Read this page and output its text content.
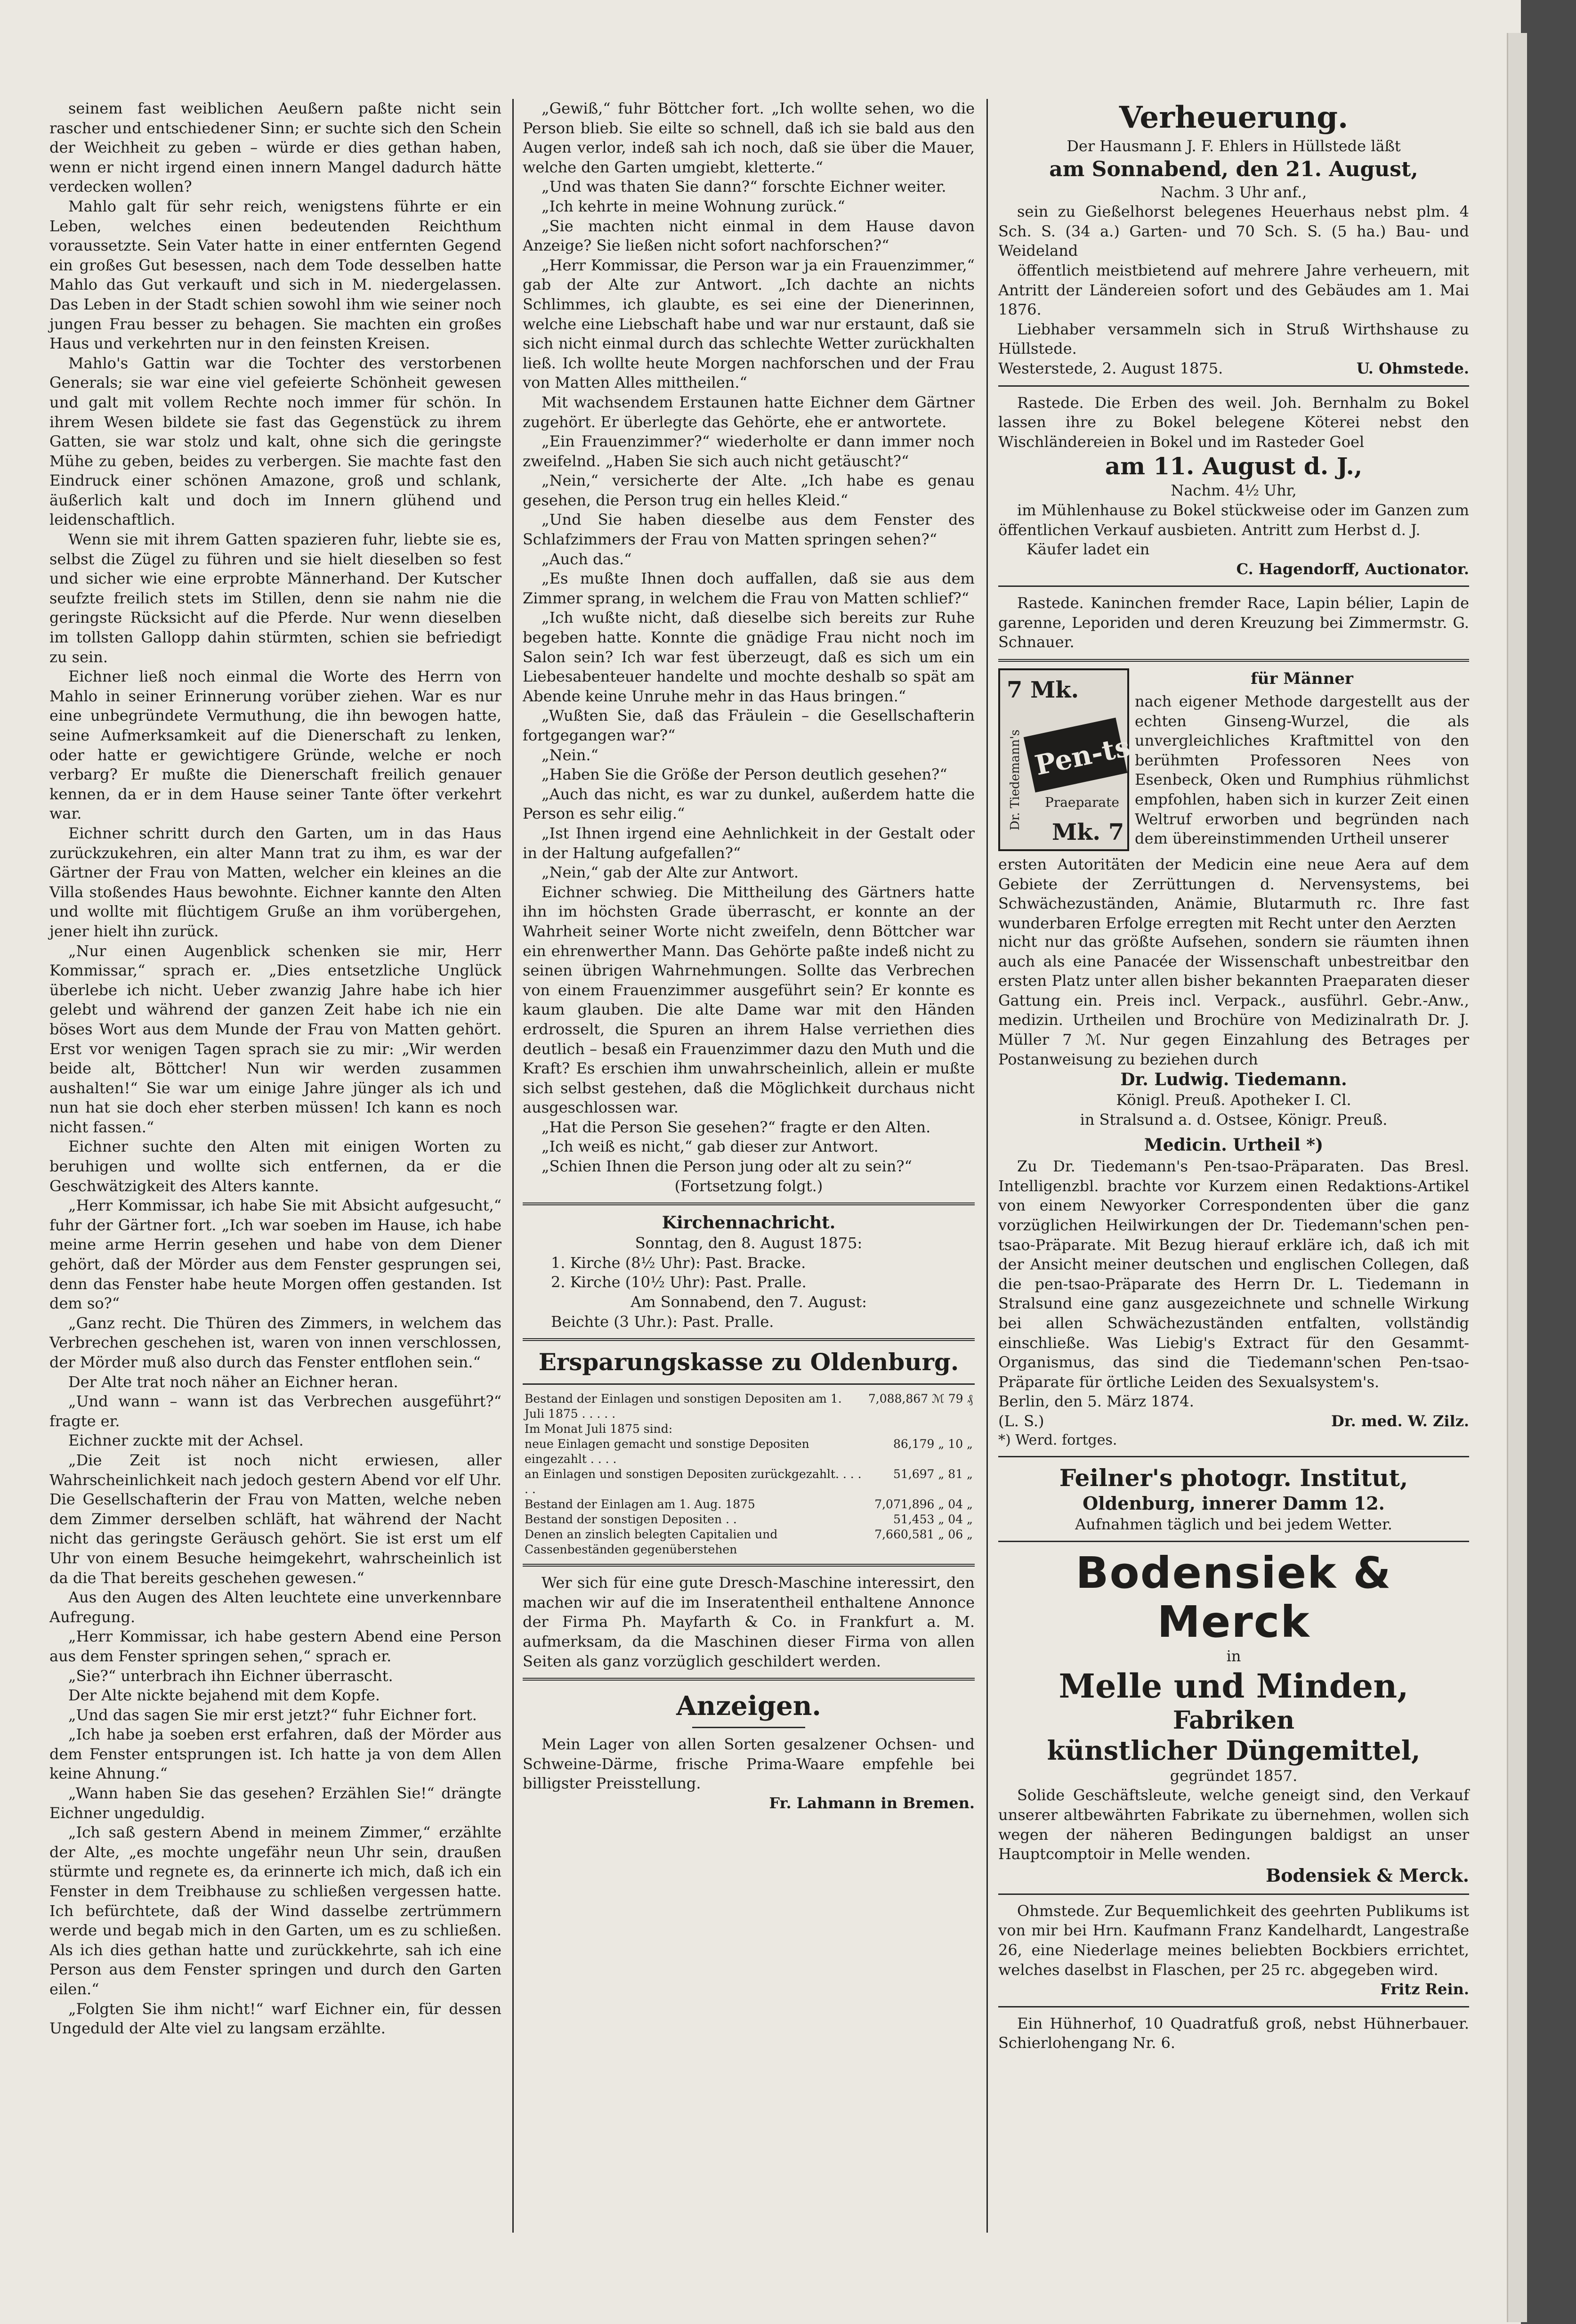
seinem fast weiblichen Aeußern paßte nicht sein rascher und entschiedener Sinn; er suchte sich den Schein der Weichheit zu geben – würde er dies gethan haben, wenn er nicht irgend einen innern Mangel dadurch hätte verdecken wollen?

Mahlo galt für sehr reich, wenigstens führte er ein Leben, welches einen bedeutenden Reichthum voraussetzte. Sein Vater hatte in einer entfernten Gegend ein großes Gut besessen, nach dem Tode desselben hatte Mahlo das Gut verkauft und sich in M. niedergelassen. Das Leben in der Stadt schien sowohl ihm wie seiner noch jungen Frau besser zu behagen. Sie machten ein großes Haus und verkehrten nur in den feinsten Kreisen.

Mahlo's Gattin war die Tochter des verstorbenen Generals; sie war eine viel gefeierte Schönheit gewesen und galt mit vollem Rechte noch immer für schön. In ihrem Wesen bildete sie fast das Gegenstück zu ihrem Gatten, sie war stolz und kalt, ohne sich die geringste Mühe zu geben, beides zu verbergen. Sie machte fast den Eindruck einer schönen Amazone, groß und schlank, äußerlich kalt und doch im Innern glühend und leidenschaftlich.

Wenn sie mit ihrem Gatten spazieren fuhr, liebte sie es, selbst die Zügel zu führen und sie hielt dieselben so fest und sicher wie eine erprobte Männerhand. Der Kutscher seufzte freilich stets im Stillen, denn sie nahm nie die geringste Rücksicht auf die Pferde. Nur wenn dieselben im tollsten Gallopp dahin stürmten, schien sie befriedigt zu sein.

Eichner ließ noch einmal die Worte des Herrn von Mahlo in seiner Erinnerung vorüber ziehen. War es nur eine unbegründete Vermuthung, die ihn bewogen hatte, seine Aufmerksamkeit auf die Dienerschaft zu lenken, oder hatte er gewichtigere Gründe, welche er noch verbarg? Er mußte die Dienerschaft freilich genauer kennen, da er in dem Hause seiner Tante öfter verkehrt war.

Eichner schritt durch den Garten, um in das Haus zurückzukehren, ein alter Mann trat zu ihm, es war der Gärtner der Frau von Matten, welcher ein kleines an die Villa stoßendes Haus bewohnte. Eichner kannte den Alten und wollte mit flüchtigem Gruße an ihm vorübergehen, jener hielt ihn zurück.

„Nur einen Augenblick schenken sie mir, Herr Kommissar,“ sprach er. „Dies entsetzliche Unglück überlebe ich nicht. Ueber zwanzig Jahre habe ich hier gelebt und während der ganzen Zeit habe ich nie ein böses Wort aus dem Munde der Frau von Matten gehört. Erst vor wenigen Tagen sprach sie zu mir: „Wir werden beide alt, Böttcher! Nun wir werden zusammen aushalten!“ Sie war um einige Jahre jünger als ich und nun hat sie doch eher sterben müssen! Ich kann es noch nicht fassen.“

Eichner suchte den Alten mit einigen Worten zu beruhigen und wollte sich entfernen, da er die Geschwätzigkeit des Alters kannte.

„Herr Kommissar, ich habe Sie mit Absicht aufgesucht,“ fuhr der Gärtner fort. „Ich war soeben im Hause, ich habe meine arme Herrin gesehen und habe von dem Diener gehört, daß der Mörder aus dem Fenster gesprungen sei, denn das Fenster habe heute Morgen offen gestanden. Ist dem so?“

„Ganz recht. Die Thüren des Zimmers, in welchem das Verbrechen geschehen ist, waren von innen verschlossen, der Mörder muß also durch das Fenster entflohen sein.“

Der Alte trat noch näher an Eichner heran.

„Und wann – wann ist das Verbrechen ausgeführt?“ fragte er.

Eichner zuckte mit der Achsel.

„Die Zeit ist noch nicht erwiesen, aller Wahrscheinlichkeit nach jedoch gestern Abend vor elf Uhr. Die Gesellschafterin der Frau von Matten, welche neben dem Zimmer derselben schläft, hat während der Nacht nicht das geringste Geräusch gehört. Sie ist erst um elf Uhr von einem Besuche heimgekehrt, wahrscheinlich ist da die That bereits geschehen gewesen.“

Aus den Augen des Alten leuchtete eine unverkennbare Aufregung.

„Herr Kommissar, ich habe gestern Abend eine Person aus dem Fenster springen sehen,“ sprach er.

„Sie?“ unterbrach ihn Eichner überrascht.

Der Alte nickte bejahend mit dem Kopfe.

„Und das sagen Sie mir erst jetzt?“ fuhr Eichner fort.

„Ich habe ja soeben erst erfahren, daß der Mörder aus dem Fenster entsprungen ist. Ich hatte ja von dem Allen keine Ahnung.“

„Wann haben Sie das gesehen? Erzählen Sie!“ drängte Eichner ungeduldig.

„Ich saß gestern Abend in meinem Zimmer,“ erzählte der Alte, „es mochte ungefähr neun Uhr sein, draußen stürmte und regnete es, da erinnerte ich mich, daß ich ein Fenster in dem Treibhause zu schließen vergessen hatte. Ich befürchtete, daß der Wind dasselbe zertrümmern werde und begab mich in den Garten, um es zu schließen. Als ich dies gethan hatte und zurückkehrte, sah ich eine Person aus dem Fenster springen und durch den Garten eilen.“

„Folgten Sie ihm nicht!“ warf Eichner ein, für dessen Ungeduld der Alte viel zu langsam erzählte.

„Gewiß,“ fuhr Böttcher fort. „Ich wollte sehen, wo die Person blieb. Sie eilte so schnell, daß ich sie bald aus den Augen verlor, indeß sah ich noch, daß sie über die Mauer, welche den Garten umgiebt, kletterte.“

„Und was thaten Sie dann?“ forschte Eichner weiter.

„Ich kehrte in meine Wohnung zurück.“

„Sie machten nicht einmal in dem Hause davon Anzeige? Sie ließen nicht sofort nachforschen?“

„Herr Kommissar, die Person war ja ein Frauenzimmer,“ gab der Alte zur Antwort. „Ich dachte an nichts Schlimmes, ich glaubte, es sei eine der Dienerinnen, welche eine Liebschaft habe und war nur erstaunt, daß sie sich nicht einmal durch das schlechte Wetter zurückhalten ließ. Ich wollte heute Morgen nachforschen und der Frau von Matten Alles mittheilen.“

Mit wachsendem Erstaunen hatte Eichner dem Gärtner zugehört. Er überlegte das Gehörte, ehe er antwortete.

„Ein Frauenzimmer?“ wiederholte er dann immer noch zweifelnd. „Haben Sie sich auch nicht getäuscht?“

„Nein,“ versicherte der Alte. „Ich habe es genau gesehen, die Person trug ein helles Kleid.“

„Und Sie haben dieselbe aus dem Fenster des Schlafzimmers der Frau von Matten springen sehen?“

„Auch das.“

„Es mußte Ihnen doch auffallen, daß sie aus dem Zimmer sprang, in welchem die Frau von Matten schlief?“

„Ich wußte nicht, daß dieselbe sich bereits zur Ruhe begeben hatte. Konnte die gnädige Frau nicht noch im Salon sein? Ich war fest überzeugt, daß es sich um ein Liebesabenteuer handelte und mochte deshalb so spät am Abende keine Unruhe mehr in das Haus bringen.“

„Wußten Sie, daß das Fräulein – die Gesellschafterin fortgegangen war?“

„Nein.“

„Haben Sie die Größe der Person deutlich gesehen?“

„Auch das nicht, es war zu dunkel, außerdem hatte die Person es sehr eilig.“

„Ist Ihnen irgend eine Aehnlichkeit in der Gestalt oder in der Haltung aufgefallen?“

„Nein,“ gab der Alte zur Antwort.

Eichner schwieg. Die Mittheilung des Gärtners hatte ihn im höchsten Grade überrascht, er konnte an der Wahrheit seiner Worte nicht zweifeln, denn Böttcher war ein ehrenwerther Mann. Das Gehörte paßte indeß nicht zu seinen übrigen Wahrnehmungen. Sollte das Verbrechen von einem Frauenzimmer ausgeführt sein? Er konnte es kaum glauben. Die alte Dame war mit den Händen erdrosselt, die Spuren an ihrem Halse verriethen dies deutlich – besaß ein Frauenzimmer dazu den Muth und die Kraft? Es erschien ihm unwahrscheinlich, allein er mußte sich selbst gestehen, daß die Möglichkeit durchaus nicht ausgeschlossen war.

„Hat die Person Sie gesehen?“ fragte er den Alten.

„Ich weiß es nicht,“ gab dieser zur Antwort.

„Schien Ihnen die Person jung oder alt zu sein?“

(Fortsetzung folgt.)
Kirchennachricht.
Sonntag, den 8. August 1875:
1. Kirche (8½ Uhr): Past. Bracke.
2. Kirche (10½ Uhr): Past. Pralle.
Am Sonnabend, den 7. August:
Beichte (3 Uhr.): Past. Pralle.
Ersparungskasse zu Oldenburg.
Bestand der Einlagen und sonstigen Depositen am 1. Juli 1875 . . . . .	7,088,867 ℳ 79 ₰
Im Monat Juli 1875 sind:	
neue Einlagen gemacht und sonstige Depositen eingezahlt . . . .	86,179 „ 10 „
an Einlagen und sonstigen Depositen zurückgezahlt. . . . . .	51,697 „ 81 „
Bestand der Einlagen am 1. Aug. 1875	7,071,896 „ 04 „
Bestand der sonstigen Depositen . .	51,453 „ 04 „
Denen an zinslich belegten Capitalien und Cassenbeständen gegenüberstehen	7,660,581 „ 06 „

Wer sich für eine gute Dresch-Maschine interessirt, den machen wir auf die im Inseratentheil enthaltene Annonce der Firma Ph. Mayfarth & Co. in Frankfurt a. M. aufmerksam, da die Maschinen dieser Firma von allen Seiten als ganz vorzüglich geschildert werden.

Anzeigen.

Mein Lager von allen Sorten gesalzener Ochsen- und Schweine-Därme, frische Prima-Waare empfehle bei billigster Preisstellung.

Fr. Lahmann in Bremen.
Verheuerung.
Der Hausmann J. F. Ehlers in Hüllstede läßt
am Sonnabend, den 21. August,
Nachm. 3 Uhr anf.,

sein zu Gießelhorst belegenes Heuerhaus nebst plm. 4 Sch. S. (34 a.) Garten- und 70 Sch. S. (5 ha.) Bau- und Weideland

öffentlich meistbietend auf mehrere Jahre verheuern, mit Antritt der Ländereien sofort und des Gebäudes am 1. Mai 1876.

Liebhaber versammeln sich in Struß Wirthshause zu Hüllstede.

Westerstede, 2. August 1875.	U. Ohmstede.

Rastede. Die Erben des weil. Joh. Bernhalm zu Bokel lassen ihre zu Bokel belegene Köterei nebst den Wischländereien in Bokel und im Rasteder Goel

am 11. August d. J.,
Nachm. 4½ Uhr,

im Mühlenhause zu Bokel stückweise oder im Ganzen zum öffentlichen Verkauf ausbieten. Antritt zum Herbst d. J.

Käufer ladet ein
C. Hagendorff, Auctionator.

Rastede. Kaninchen fremder Race, Lapin bélier, Lapin de garenne, Leporiden und deren Kreuzung bei Zimmermstr. G. Schnauer.

7 Mk.
Dr. Tiedemann's Pen-tsao
Praeparate
Mk. 7
für Männer
nach eigener Methode dargestellt aus der echten Ginseng-Wurzel, die als unvergleichliches Kraftmittel von den berühmten Professoren Nees von Esenbeck, Oken und Rumphius rühmlichst empfohlen, haben sich in kurzer Zeit einen Weltruf erworben und begründen nach dem übereinstimmenden Urtheil unserer
ersten Autoritäten der Medicin eine neue Aera auf dem Gebiete der Zerrüttungen d. Nervensystems, bei Schwächezuständen, Anämie, Blutarmuth rc. Ihre fast wunderbaren Erfolge erregten mit Recht unter den Aerzten
nicht nur das größte Aufsehen, sondern sie räumten ihnen auch als eine Panacée der Wissenschaft unbestreitbar den ersten Platz unter allen bisher bekannten Praeparaten dieser Gattung ein. Preis incl. Verpack., ausführl. Gebr.-Anw., medizin. Urtheilen und Brochüre von Medizinalrath Dr. J. Müller 7 ℳ. Nur gegen Einzahlung des Betrages per Postanweisung zu beziehen durch
Dr. Ludwig. Tiedemann.
Königl. Preuß. Apotheker I. Cl.
in Stralsund a. d. Ostsee, Königr. Preuß.
Medicin. Urtheil *)

Zu Dr. Tiedemann's Pen-tsao-Präparaten. Das Bresl. Intelligenzbl. brachte vor Kurzem einen Redaktions-Artikel von einem Newyorker Correspondenten über die ganz vorzüglichen Heilwirkungen der Dr. Tiedemann'schen pen-tsao-Präparate. Mit Bezug hierauf erkläre ich, daß ich mit der Ansicht meiner deutschen und englischen Collegen, daß die pen-tsao-Präparate des Herrn Dr. L. Tiedemann in Stralsund eine ganz ausgezeichnete und schnelle Wirkung bei allen Schwächezuständen entfalten, vollständig einschließe. Was Liebig's Extract für den Gesammt-Organismus, das sind die Tiedemann'schen Pen-tsao-Präparate für örtliche Leiden des Sexualsystem's.

Berlin, den 5. März 1874.
(L. S.)	Dr. med. W. Zilz.
*) Werd. fortges.
Feilner's photogr. Institut,
Oldenburg, innerer Damm 12.
Aufnahmen täglich und bei jedem Wetter.
Bodensiek & Merck
in
Melle und Minden,
Fabriken
künstlicher Düngemittel,
gegründet 1857.

Solide Geschäftsleute, welche geneigt sind, den Verkauf unserer altbewährten Fabrikate zu übernehmen, wollen sich wegen der näheren Bedingungen baldigst an unser Hauptcomptoir in Melle wenden.

Bodensiek & Merck.

Ohmstede. Zur Bequemlichkeit des geehrten Publikums ist von mir bei Hrn. Kaufmann Franz Kandelhardt, Langestraße 26, eine Niederlage meines beliebten Bockbiers errichtet, welches daselbst in Flaschen, per 25 rc. abgegeben wird.

Fritz Rein.

Ein Hühnerhof, 10 Quadratfuß groß, nebst Hühnerbauer. Schierlohengang Nr. 6.
